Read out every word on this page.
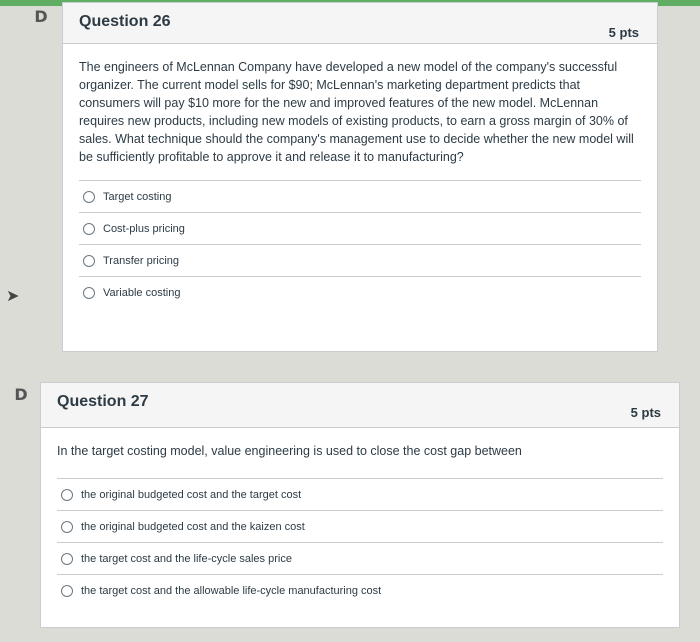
D Question 26
5 pts

The engineers of McLennan Company have developed a new model of the company's successful organizer. The current model sells for $90; McLennan's marketing department predicts that consumers will pay $10 more for the new and improved features of the new model. McLennan requires new products, including new models of existing products, to earn a gross margin of 30% of sales. What technique should the company's management use to decide whether the new model will be sufficiently profitable to approve it and release it to manufacturing?

Target costing
Cost-plus pricing
Transfer pricing
Variable costing
➤
D Question 27
5 pts

In the target costing model, value engineering is used to close the cost gap between

the original budgeted cost and the target cost
the original budgeted cost and the kaizen cost
the target cost and the life-cycle sales price
the target cost and the allowable life-cycle manufacturing cost
